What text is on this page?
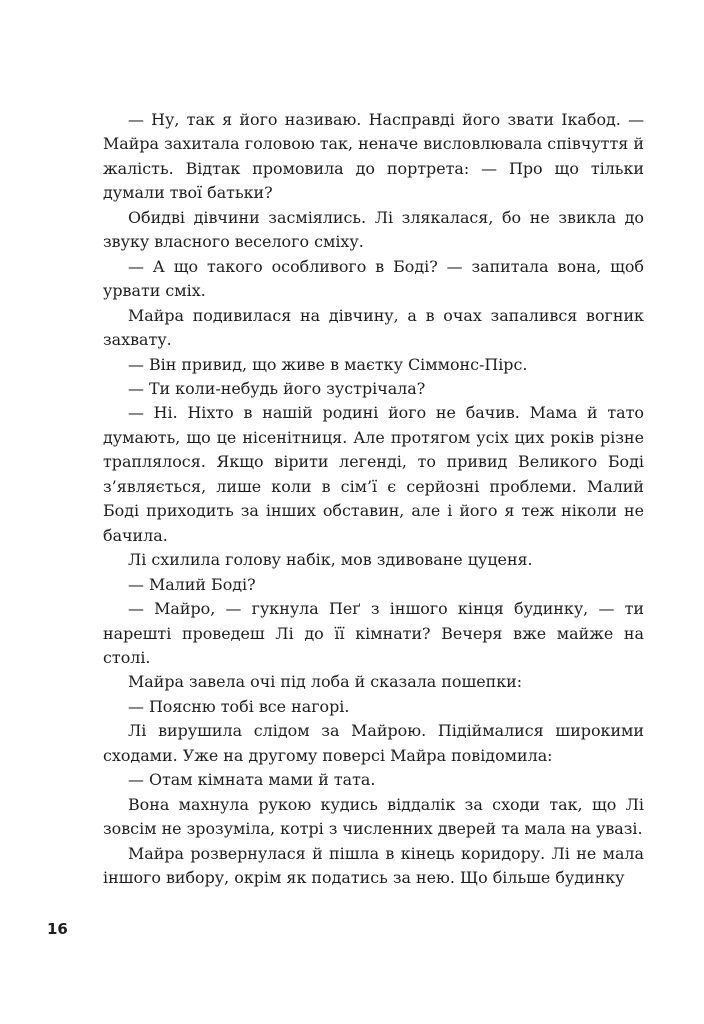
— Ну, так я його називаю. Насправді його звати Ікабод. — Майра захитала головою так, неначе висловлювала співчуття й жалість. Відтак промовила до портрета: — Про що тільки думали твої батьки?

Обидві дівчини засміялись. Лі злякалася, бо не звикла до звуку власного веселого сміху.

— А що такого особливого в Боді? — запитала вона, щоб урвати сміх.

Майра подивилася на дівчину, а в очах запалився вогник захвату.

— Він привид, що живе в маєтку Сіммонс-Пірс.

— Ти коли-небудь його зустрічала?

— Ні. Ніхто в нашій родині його не бачив. Мама й тато думають, що це нісенітниця. Але протягом усіх цих років різне траплялося. Якщо вірити легенді, то привид Великого Боді з’являється, лише коли в сім’ї є серйозні проблеми. Малий Боді приходить за інших обставин, але і його я теж ніколи не бачила.

Лі схилила голову набік, мов здивоване цуценя.

— Малий Боді?

— Майро, — гукнула Пеґ з іншого кінця будинку, — ти нарешті проведеш Лі до її кімнати? Вечеря вже майже на столі.

Майра завела очі під лоба й сказала пошепки:

— Поясню тобі все нагорі.

Лі вирушила слідом за Майрою. Підіймалися широкими сходами. Уже на другому поверсі Майра повідомила:

— Отам кімната мами й тата.

Вона махнула рукою кудись віддалік за сходи так, що Лі зовсім не зрозуміла, котрі з численних дверей та мала на увазі.

Майра розвернулася й пішла в кінець коридору. Лі не мала іншого вибору, окрім як податись за нею. Що більше будинку

16
